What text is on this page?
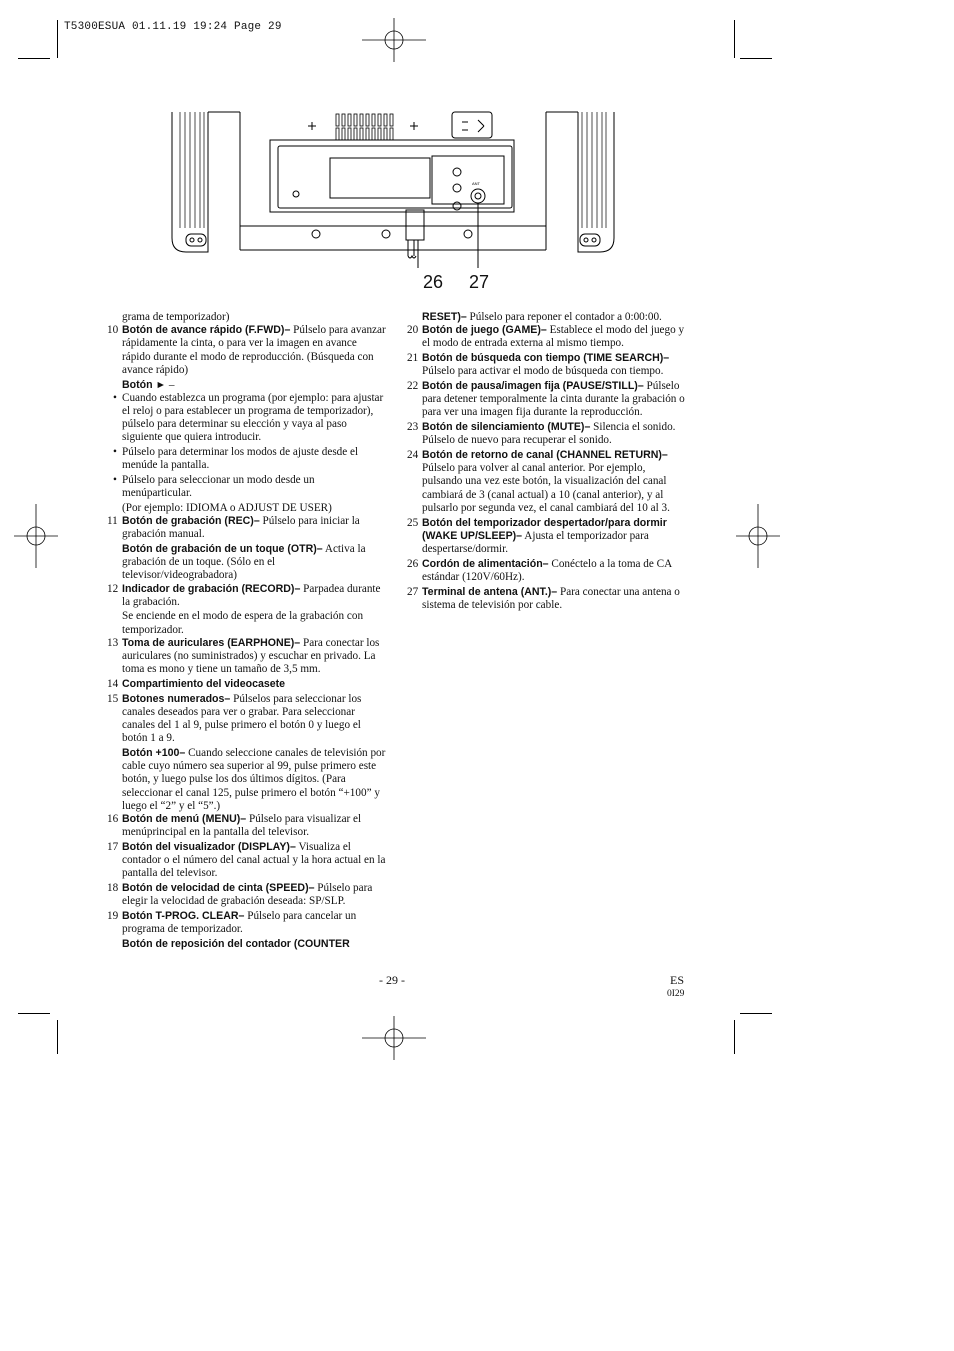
T5300ESUA 01.11.19 19:24 Page 29
ANT
26 27

grama de temporizador)

10 Botón de avance rápido (F.FWD)– Púlselo para avanzar rápidamente la cinta, o para ver la imagen en avance rápido durante el modo de reproducción. (Búsqueda con avance rápido)

Botón ► –

• Cuando establezca un programa (por ejemplo: para ajustar el reloj o para establecer un programa de temporizador), púlselo para determinar su elección y vaya al paso siguiente que quiera introducir.
• Púlselo para determinar los modos de ajuste desde el menúde la pantalla.
• Púlselo para seleccionar un modo desde un menúparticular.

(Por ejemplo: IDIOMA o ADJUST DE USER)

11 Botón de grabación (REC)– Púlselo para iniciar la grabación manual.

Botón de grabación de un toque (OTR)– Activa la grabación de un toque. (Sólo en el televisor/videograbadora)

12 Indicador de grabación (RECORD)– Parpadea durante la grabación.

Se enciende en el modo de espera de la grabación con temporizador.

13 Toma de auriculares (EARPHONE)– Para conectar los auriculares (no suministrados) y escuchar en privado. La toma es mono y tiene un tamaño de 3,5 mm.
14 Compartimiento del videocasete
15 Botones numerados– Púlselos para seleccionar los canales deseados para ver o grabar. Para seleccionar canales del 1 al 9, pulse primero el botón 0 y luego el botón 1 a 9.

Botón +100– Cuando seleccione canales de televisión por cable cuyo número sea superior al 99, pulse primero este botón, y luego pulse los dos últimos dígitos. (Para seleccionar el canal 125, pulse primero el botón “+100” y luego el “2” y el “5”.)

16 Botón de menú (MENU)– Púlselo para visualizar el menúprincipal en la pantalla del televisor.
17 Botón del visualizador (DISPLAY)– Visualiza el contador o el número del canal actual y la hora actual en la pantalla del televisor.
18 Botón de velocidad de cinta (SPEED)– Púlselo para elegir la velocidad de grabación deseada: SP/SLP.
19 Botón T-PROG. CLEAR– Púlselo para cancelar un programa de temporizador.

Botón de reposición del contador (COUNTER

RESET)– Púlselo para reponer el contador a 0:00:00.

20 Botón de juego (GAME)– Establece el modo del juego y el modo de entrada externa al mismo tiempo.
21 Botón de búsqueda con tiempo (TIME SEARCH)– Púlselo para activar el modo de búsqueda con tiempo.
22 Botón de pausa/imagen fija (PAUSE/STILL)– Púlselo para detener temporalmente la cinta durante la grabación o para ver una imagen fija durante la reproducción.
23 Botón de silenciamiento (MUTE)– Silencia el sonido. Púlselo de nuevo para recuperar el sonido.
24 Botón de retorno de canal (CHANNEL RETURN)– Púlselo para volver al canal anterior. Por ejemplo, pulsando una vez este botón, la visualización del canal cambiará de 3 (canal actual) a 10 (canal anterior), y al pulsarlo por segunda vez, el canal cambiará del 10 al 3.
25 Botón del temporizador despertador/para dormir (WAKE UP/SLEEP)– Ajusta el temporizador para despertarse/dormir.
26 Cordón de alimentación– Conéctelo a la toma de CA estándar (120V/60Hz).
27 Terminal de antena (ANT.)– Para conectar una antena o sistema de televisión por cable.
- 29 -	ES
0I29
